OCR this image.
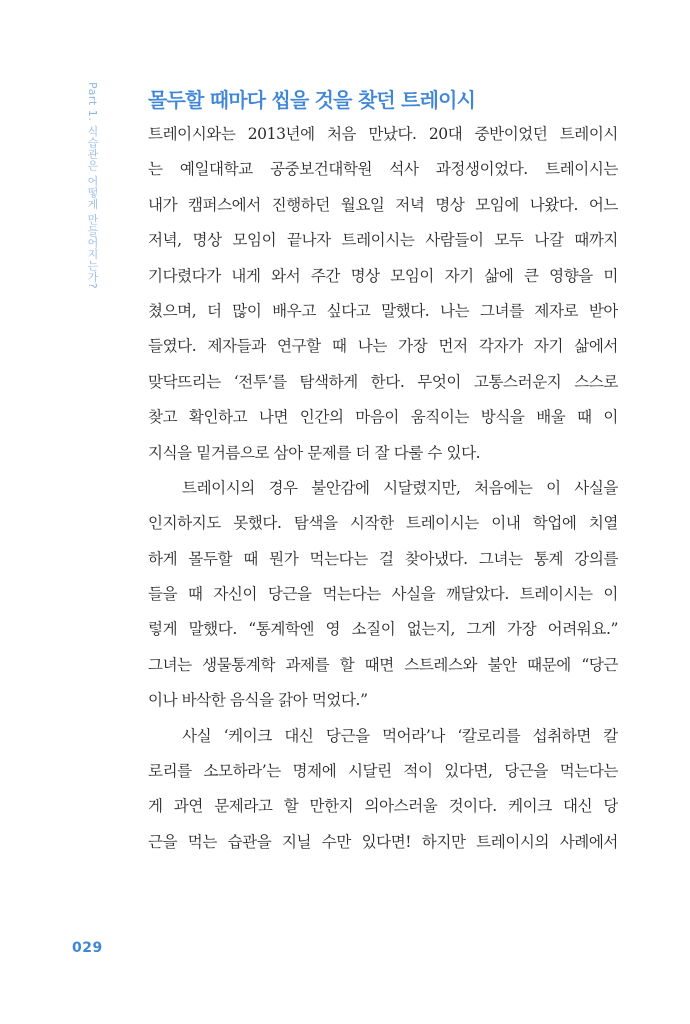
Part 1. 식습관은 어떻게 만들어지는가? 몰두할 때마다 씹을 것을 찾던 트레이시
트레이시와는 2013년에 처음 만났다. 20대 중반이었던 트레이시
는 예일대학교 공중보건대학원 석사 과정생이었다. 트레이시는
내가 캠퍼스에서 진행하던 월요일 저녁 명상 모임에 나왔다. 어느
저녁, 명상 모임이 끝나자 트레이시는 사람들이 모두 나갈 때까지
기다렸다가 내게 와서 주간 명상 모임이 자기 삶에 큰 영향을 미
쳤으며, 더 많이 배우고 싶다고 말했다. 나는 그녀를 제자로 받아
들였다. 제자들과 연구할 때 나는 가장 먼저 각자가 자기 삶에서
맞닥뜨리는 ‘전투’를 탐색하게 한다. 무엇이 고통스러운지 스스로
찾고 확인하고 나면 인간의 마음이 움직이는 방식을 배울 때 이
지식을 밑거름으로 삼아 문제를 더 잘 다룰 수 있다.
트레이시의 경우 불안감에 시달렸지만, 처음에는 이 사실을
인지하지도 못했다. 탐색을 시작한 트레이시는 이내 학업에 치열
하게 몰두할 때 뭔가 먹는다는 걸 찾아냈다. 그녀는 통계 강의를
들을 때 자신이 당근을 먹는다는 사실을 깨달았다. 트레이시는 이
렇게 말했다. “통계학엔 영 소질이 없는지, 그게 가장 어려워요.”
그녀는 생물통계학 과제를 할 때면 스트레스와 불안 때문에 “당근
이나 바삭한 음식을 갉아 먹었다.”
사실 ‘케이크 대신 당근을 먹어라’나 ‘칼로리를 섭취하면 칼
로리를 소모하라’는 명제에 시달린 적이 있다면, 당근을 먹는다는
게 과연 문제라고 할 만한지 의아스러울 것이다. 케이크 대신 당
근을 먹는 습관을 지닐 수만 있다면! 하지만 트레이시의 사례에서
029
